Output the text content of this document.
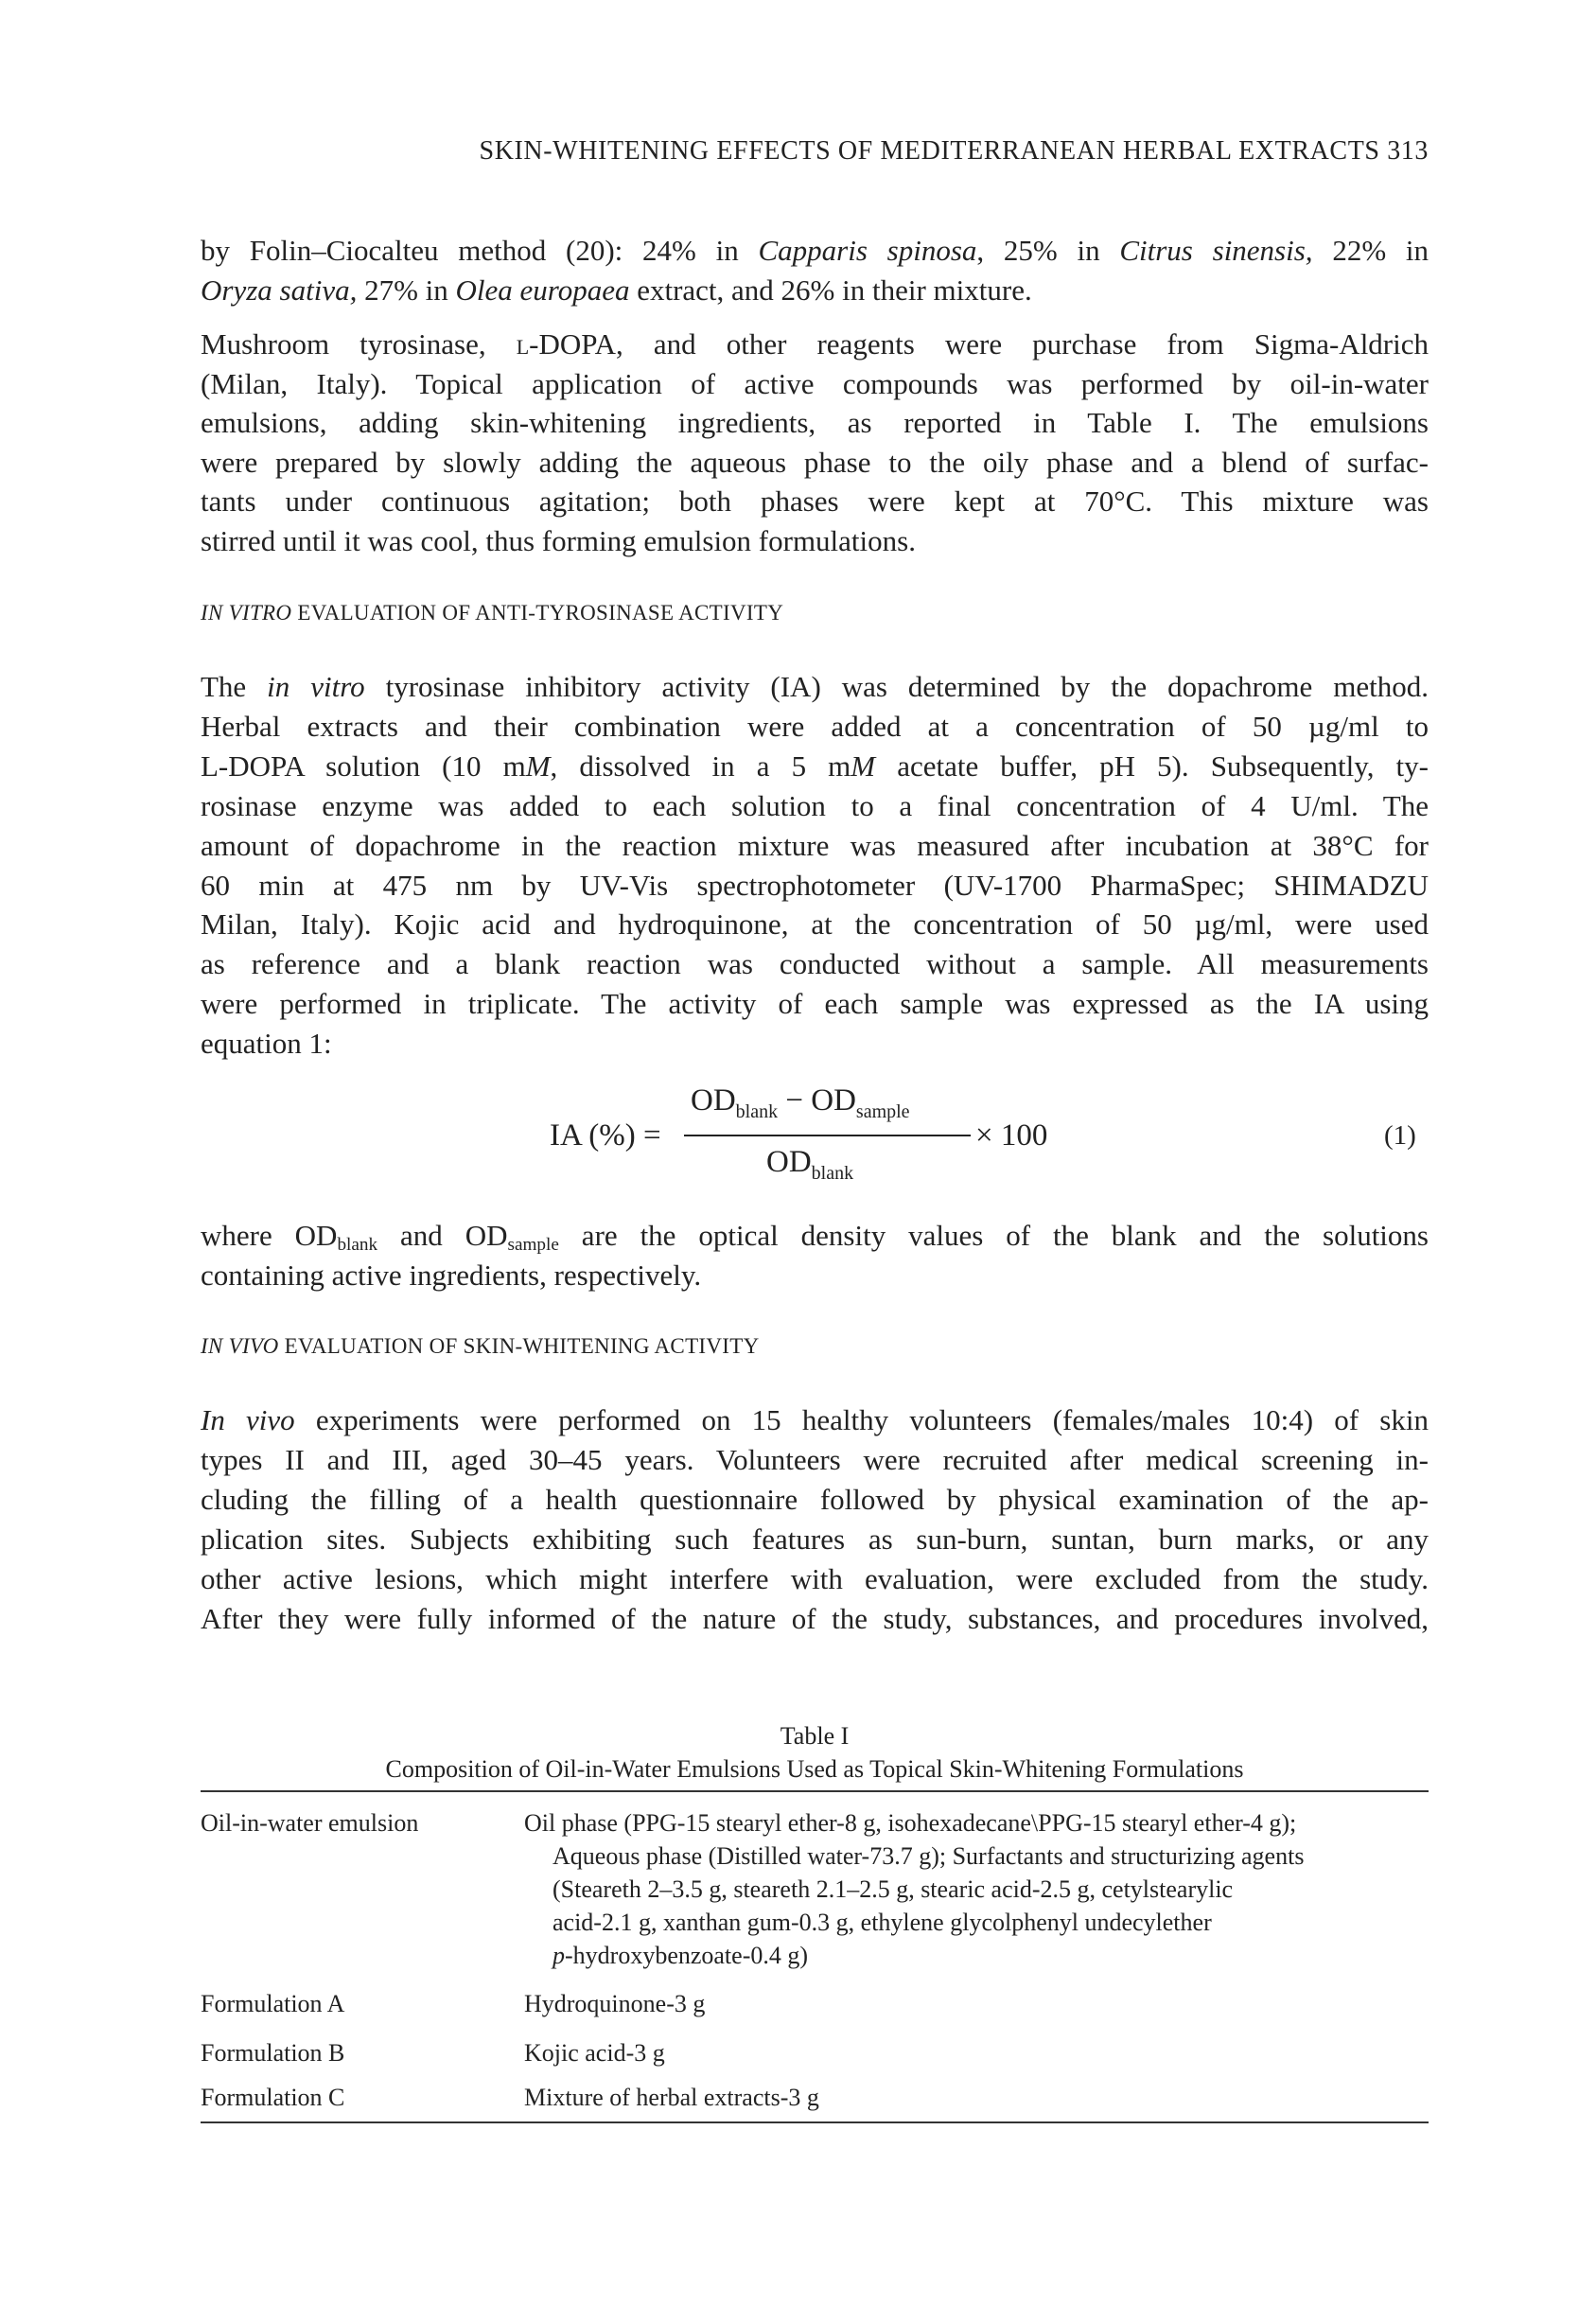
SKIN-WHITENING EFFECTS OF MEDITERRANEAN HERBAL EXTRACTS 313
by Folin–Ciocalteu method (20): 24% in Capparis spinosa, 25% in Citrus sinensis, 22% in
Oryza sativa, 27% in Olea europaea extract, and 26% in their mixture.
Mushroom tyrosinase, l-DOPA, and other reagents were purchase from Sigma-Aldrich
(Milan, Italy). Topical application of active compounds was performed by oil-in-water
emulsions, adding skin-whitening ingredients, as reported in Table I. The emulsions
were prepared by slowly adding the aqueous phase to the oily phase and a blend of surfac-
tants under continuous agitation; both phases were kept at 70°C. This mixture was
stirred until it was cool, thus forming emulsion formulations.
The in vitro tyrosinase inhibitory activity (IA) was determined by the dopachrome method.
Herbal extracts and their combination were added at a concentration of 50 µg/ml to
L-DOPA solution (10 mM, dissolved in a 5 mM acetate buffer, pH 5). Subsequently, ty-
rosinase enzyme was added to each solution to a final concentration of 4 U/ml. The
amount of dopachrome in the reaction mixture was measured after incubation at 38°C for
60 min at 475 nm by UV-Vis spectrophotometer (UV-1700 PharmaSpec; SHIMADZU
Milan, Italy). Kojic acid and hydroquinone, at the concentration of 50 µg/ml, were used
as reference and a blank reaction was conducted without a sample. All measurements
were performed in triplicate. The activity of each sample was expressed as the IA using
equation 1:
where $OD_{blank}$ and $OD_{sample}$ are the optical density values of the blank and the solutions
containing active ingredients, respectively.
In vivo experiments were performed on 15 healthy volunteers (females/males 10:4) of skin
types II and III, aged 30–45 years. Volunteers were recruited after medical screening in-
cluding the filling of a health questionnaire followed by physical examination of the ap-
plication sites. Subjects exhibiting such features as sun-burn, suntan, burn marks, or any
other active lesions, which might interfere with evaluation, were excluded from the study.
After they were fully informed of the nature of the study, substances, and procedures involved,
IN VITRO EVALUATION OF ANTI-TYROSINASE ACTIVITY
IN VIVO EVALUATION OF SKIN-WHITENING ACTIVITY
IA (%) =
$OD_{blank} - OD_{sample}$
$OD_{blank}$
× 100	(1)
Table I
Composition of Oil-in-Water Emulsions Used as Topical Skin-Whitening Formulations
Oil-in-water emulsion	Oil phase (PPG-15 stearyl ether-8 g, isohexadecane\PPG-15 stearyl ether-4 g);
Aqueous phase (Distilled water-73.7 g); Surfactants and structurizing agents
(Steareth 2–3.5 g, steareth 2.1–2.5 g, stearic acid-2.5 g, cetylstearylic
acid-2.1 g, xanthan gum-0.3 g, ethylene glycolphenyl undecylether
p-hydroxybenzoate-0.4 g)
Formulation A	Hydroquinone-3 g
Formulation B	Kojic acid-3 g
Formulation C	Mixture of herbal extracts-3 g
